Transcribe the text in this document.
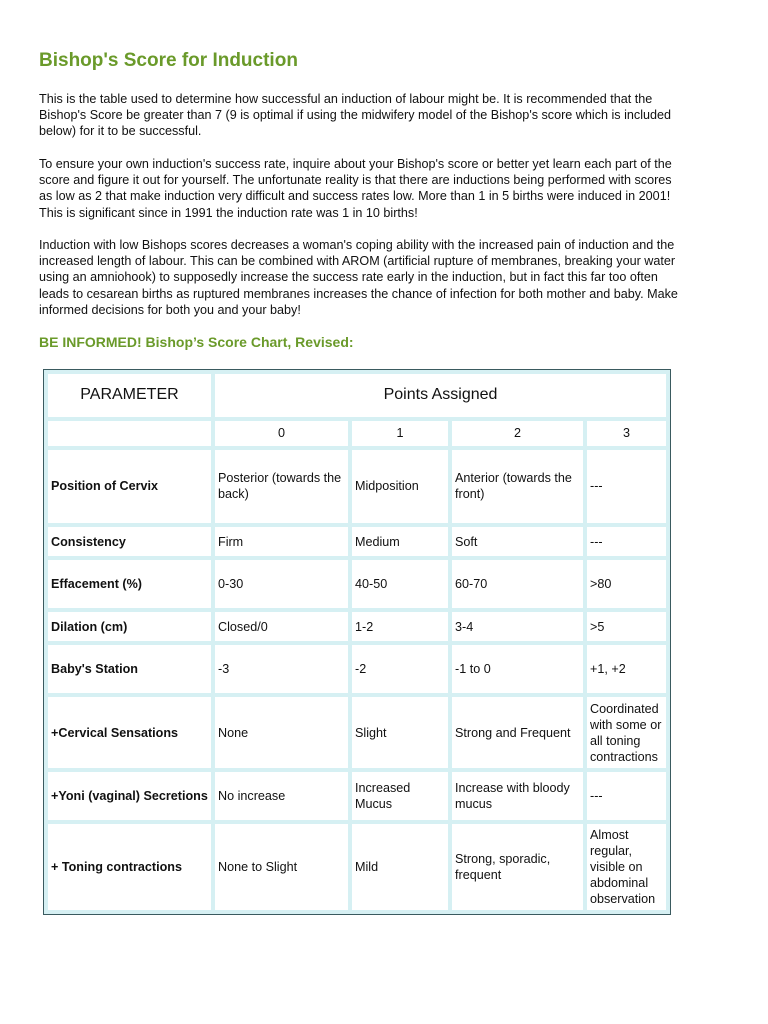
Bishop's Score for Induction

This is the table used to determine how successful an induction of labour might be. It is recommended that the Bishop's Score be greater than 7 (9 is optimal if using the midwifery model of the Bishop's score which is included below) for it to be successful.

To ensure your own induction's success rate, inquire about your Bishop's score or better yet learn each part of the score and figure it out for yourself. The unfortunate reality is that there are inductions being performed with scores as low as 2 that make induction very difficult and success rates low. More than 1 in 5 births were induced in 2001! This is significant since in 1991 the induction rate was 1 in 10 births!

Induction with low Bishops scores decreases a woman's coping ability with the increased pain of induction and the increased length of labour. This can be combined with AROM (artificial rupture of membranes, breaking your water using an amniohook) to supposedly increase the success rate early in the induction, but in fact this far too often leads to cesarean births as ruptured membranes increases the chance of infection for both mother and baby. Make informed decisions for both you and your baby!

BE INFORMED! Bishop’s Score Chart, Revised:

PARAMETER	Points Assigned			
	0	1	2	3
Position of Cervix	Posterior (towards the back)	Midposition	Anterior (towards the front)	---
Consistency	Firm	Medium	Soft	---
Effacement (%)	0-30	40-50	60-70	>80
Dilation (cm)	Closed/0	1-2	3-4	>5
Baby's Station	-3	-2	-1 to 0	+1, +2
+Cervical Sensations	None	Slight	Strong and Frequent	Coordinated with some or all toning contractions
+Yoni (vaginal) Secretions	No increase	Increased Mucus	Increase with bloody mucus	---
+ Toning contractions	None to Slight	Mild	Strong, sporadic, frequent	Almost regular, visible on abdominal observation
